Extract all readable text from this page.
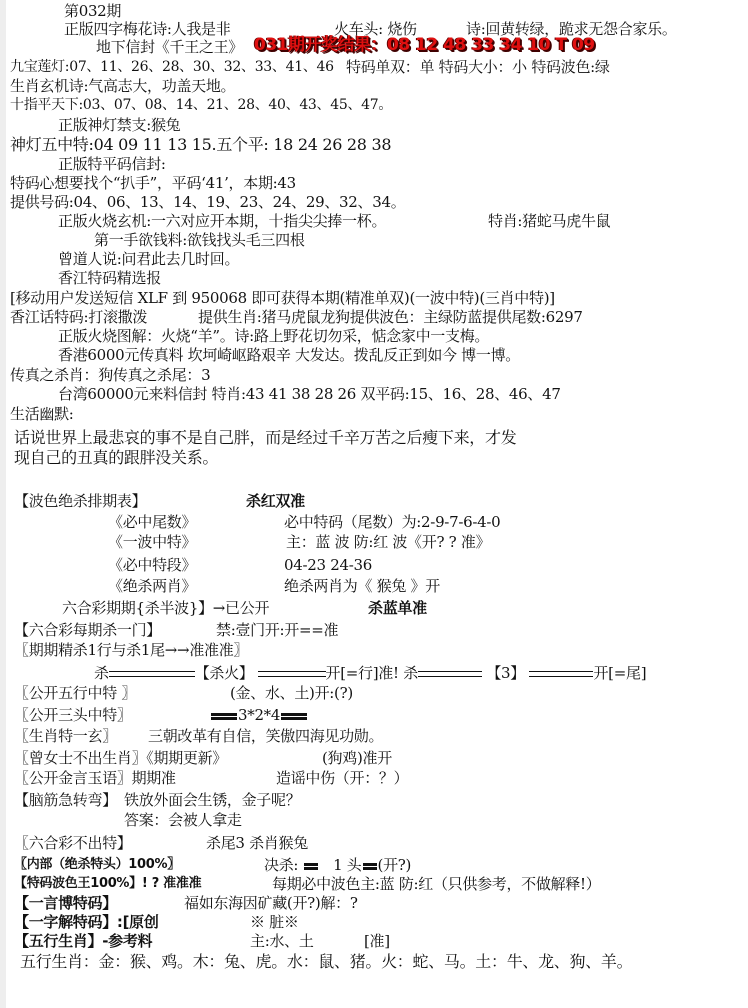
第032期
正版四字梅花诗:人我是非	火车头: 烧伤	诗:回黄转绿，跪求无怨合家乐。
地下信封《千王之王》 031期开奖结果：08 12 48 33 34 10 T 09
九宝莲灯:07、11、26、28、30、32、33、41、46 特码单双：单 特码大小：小 特码波色:绿
生肖玄机诗:气高志大，功盖天地。
十指平天下:03、07、08、14、21、28、40、43、45、47。
正版神灯禁支:猴兔
神灯五中特:04 09 11 13 15.五个平: 18 24 26 28 38
正版特平码信封:
特码心想要找个“扒手”，平码‘41’，本期:43
提供号码:04、06、13、14、19、23、24、29、32、34。
正版火烧玄机:一六对应开本期，十指尖尖捧一杯。	特肖:猪蛇马虎牛鼠
第一手欲钱料:欲钱找头毛三四根
曾道人说:问君此去几时回。
香江特码精选报
[移动用户发送短信 XLF 到 950068 即可获得本期(精准单双)(一波中特)(三肖中特)]
香江话特码:打滚撒泼	提供生肖:猪马虎鼠龙狗提供波色：主绿防蓝提供尾数:6297
正版火烧图解：火烧“羊”。诗:路上野花切勿采，惦念家中一支梅。
香港6000元传真料 坎坷崎岖路艰辛 大发达。拨乱反正到如今 博一博。
传真之杀肖：狗传真之杀尾：3
台湾60000元来料信封 特肖:43 41 38 28 26 双平码:15、16、28、46、47
生活幽默:
话说世界上最悲哀的事不是自己胖，而是经过千辛万苦之后瘦下来，才发
现自己的丑真的跟胖没关系。
【波色绝杀排期表】	杀红双准
《必中尾数》	必中特码（尾数）为:2-9-7-6-4-0
《一波中特》	主：蓝 波 防:红 波《开? ? 准》
《必中特段》	04-23 24-36
《绝杀两肖》	绝杀两肖为《 猴兔 》开
六合彩期期{杀半波}】→已公开	杀蓝单准
【六合彩每期杀一门】	禁:壹门开:开==准
〖期期精杀1行与杀1尾→→准准准〗
杀	【杀火】	开[=行]准! 杀	【3】	开[=尾]
〖公开五行中特 〗	(金、水、土)开:(?)
〖公开三头中特〗	3*2*4
〖生肖特一玄〗 三朝改革有自信，笑傲四海见功勋。
〖曾女士不出生肖〗《期期更新》	(狗鸡)准开
〖公开金言玉语〗期期准	造谣中伤（开：？）
【脑筋急转弯】 铁放外面会生锈，金子呢？
答案：会被人拿走
〖六合彩不出特】	杀尾3 杀肖猴兔
〖内部（绝杀特头）100%〗	决杀: 1 头 (开?)
【特码波色王100%】! ? 准准准	每期必中波色主:蓝 防:红（只供参考，不做解释!）
【一言博特码】	福如东海因矿藏(开?)解：?
【一字解特码】:[原创	※ 脏※
【五行生肖】-参考料	主:水、土	[准]
五行生肖：金：猴、鸡。木：兔、虎。水：鼠、猪。火：蛇、马。土：牛、龙、狗、羊。
